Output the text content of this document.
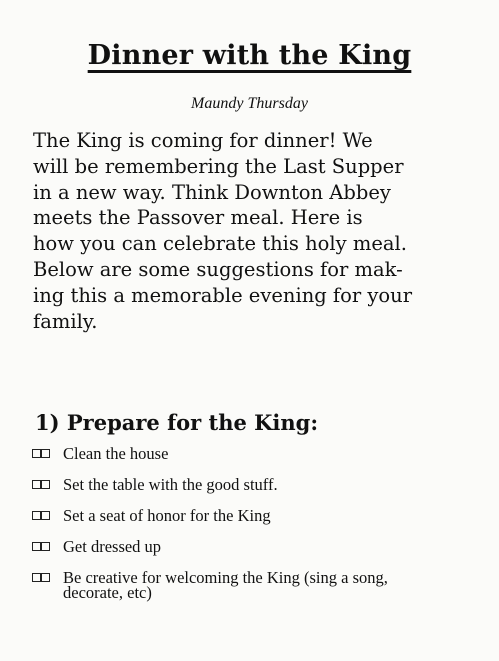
Dinner with the King
Maundy Thursday

The King is coming for dinner! We
will be remembering the Last Supper
in a new way. Think Downton Abbey
meets the Passover meal. Here is
how you can celebrate this holy meal.
Below are some suggestions for mak-
ing this a memorable evening for your
family.

1) Prepare for the King:
Clean the house
Set the table with the good stuff.
Set a seat of honor for the King
Get dressed up
Be creative for welcoming the King (sing a song,
decorate, etc)
